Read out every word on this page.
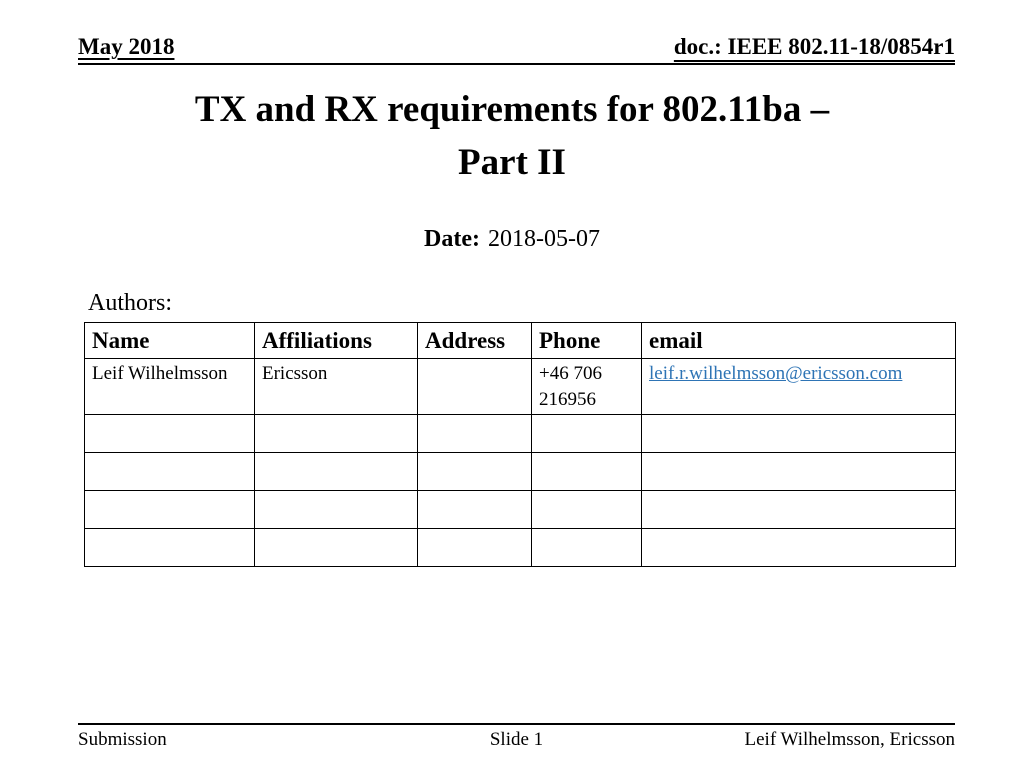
May 2018	doc.: IEEE 802.11-18/0854r1
TX and RX requirements for 802.11ba –
Part II
Date: 2018-05-07
Authors:
Name	Affiliations	Address	Phone	email
Leif Wilhelmsson	Ericsson		+46 706 216956	leif.r.wilhelmsson@ericsson.com

Submission	Slide 1	Leif Wilhelmsson, Ericsson
